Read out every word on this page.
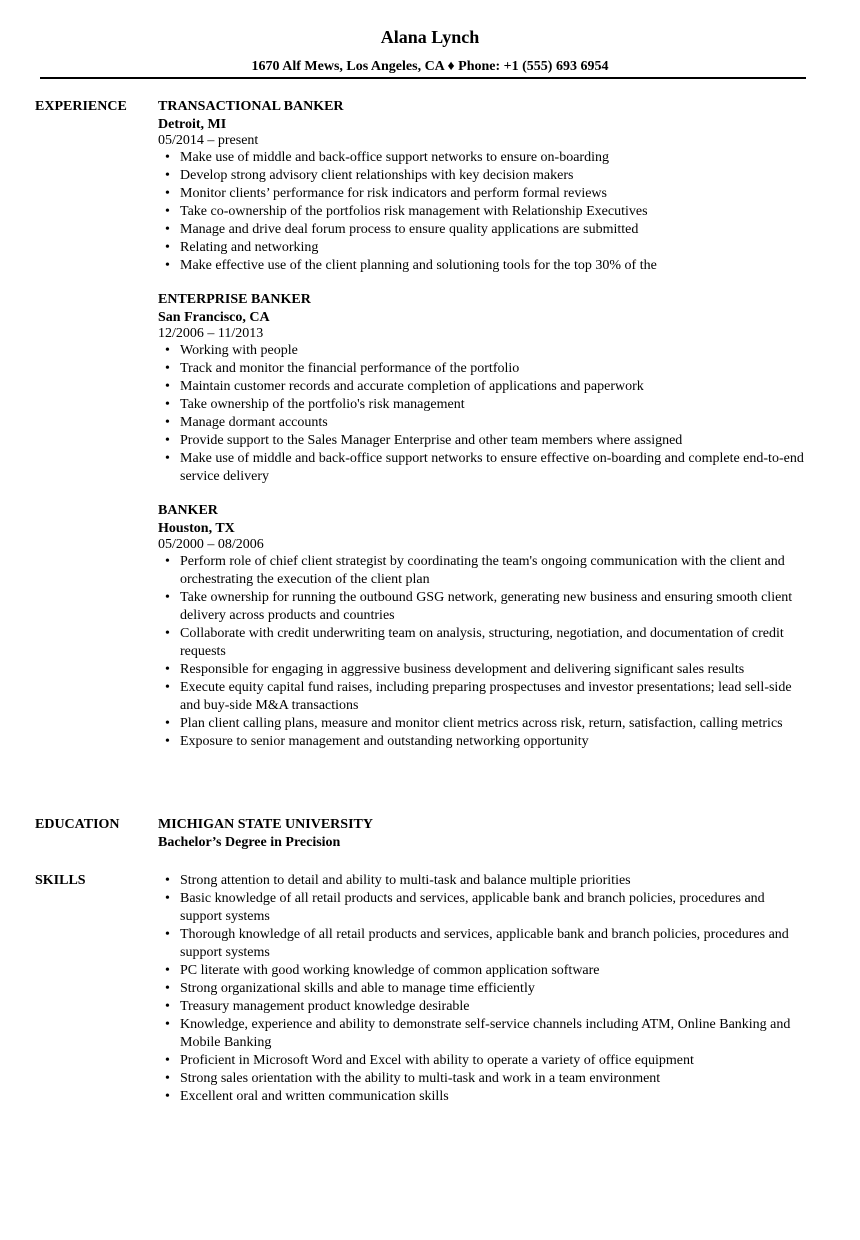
Alana Lynch
1670 Alf Mews, Los Angeles, CA ♦ Phone: +1 (555) 693 6954
EXPERIENCE TRANSACTIONAL BANKER
Detroit, MI
05/2014 – present
• Make use of middle and back-office support networks to ensure on-boarding
• Develop strong advisory client relationships with key decision makers
• Monitor clients’ performance for risk indicators and perform formal reviews
• Take co-ownership of the portfolios risk management with Relationship Executives
• Manage and drive deal forum process to ensure quality applications are submitted
• Relating and networking
• Make effective use of the client planning and solutioning tools for the top 30% of the
ENTERPRISE BANKER
San Francisco, CA
12/2006 – 11/2013
• Working with people
• Track and monitor the financial performance of the portfolio
• Maintain customer records and accurate completion of applications and paperwork
• Take ownership of the portfolio's risk management
• Manage dormant accounts
• Provide support to the Sales Manager Enterprise and other team members where assigned
• Make use of middle and back-office support networks to ensure effective on-boarding and complete end-to-end service delivery
BANKER
Houston, TX
05/2000 – 08/2006
• Perform role of chief client strategist by coordinating the team's ongoing communication with the client and orchestrating the execution of the client plan
• Take ownership for running the outbound GSG network, generating new business and ensuring smooth client delivery across products and countries
• Collaborate with credit underwriting team on analysis, structuring, negotiation, and documentation of credit requests
• Responsible for engaging in aggressive business development and delivering significant sales results
• Execute equity capital fund raises, including preparing prospectuses and investor presentations; lead sell-side and buy-side M&A transactions
• Plan client calling plans, measure and monitor client metrics across risk, return, satisfaction, calling metrics
• Exposure to senior management and outstanding networking opportunity
EDUCATION	MICHIGAN STATE UNIVERSITY
Bachelor’s Degree in Precision
SKILLS
•	Strong attention to detail and ability to multi-task and balance multiple priorities
• Basic knowledge of all retail products and services, applicable bank and branch policies, procedures and support systems
• Thorough knowledge of all retail products and services, applicable bank and branch policies, procedures and support systems
• PC literate with good working knowledge of common application software
• Strong organizational skills and able to manage time efficiently
• Treasury management product knowledge desirable
• Knowledge, experience and ability to demonstrate self-service channels including ATM, Online Banking and Mobile Banking
• Proficient in Microsoft Word and Excel with ability to operate a variety of office equipment
• Strong sales orientation with the ability to multi-task and work in a team environment
• Excellent oral and written communication skills
